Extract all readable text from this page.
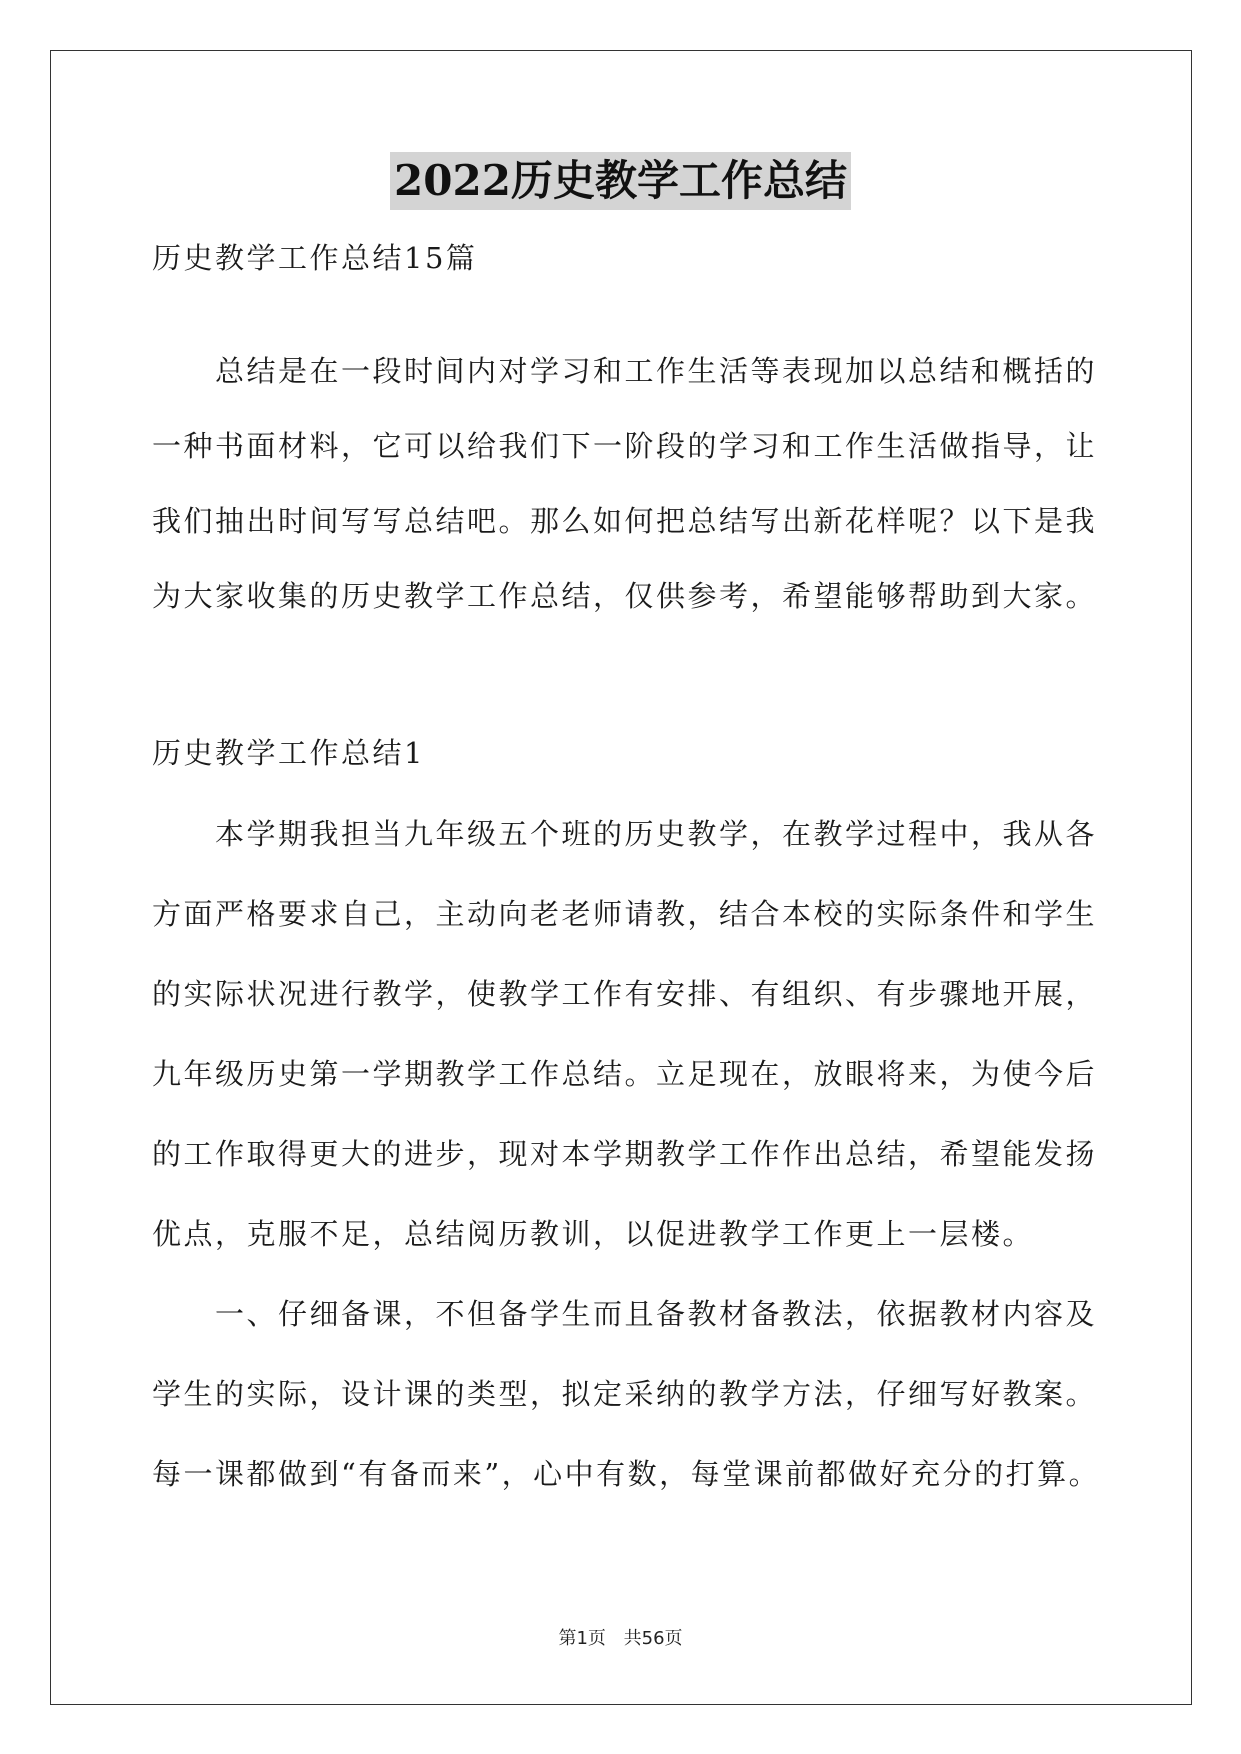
2022历史教学工作总结
历史教学工作总结15篇
　　总结是在一段时间内对学习和工作生活等表现加以总结和概括的
一种书面材料，它可以给我们下一阶段的学习和工作生活做指导，让
我们抽出时间写写总结吧。那么如何把总结写出新花样呢？以下是我
为大家收集的历史教学工作总结，仅供参考，希望能够帮助到大家。
历史教学工作总结1
　　本学期我担当九年级五个班的历史教学，在教学过程中，我从各
方面严格要求自己，主动向老老师请教，结合本校的实际条件和学生
的实际状况进行教学，使教学工作有安排、有组织、有步骤地开展，
九年级历史第一学期教学工作总结。立足现在，放眼将来，为使今后
的工作取得更大的进步，现对本学期教学工作作出总结，希望能发扬
优点，克服不足，总结阅历教训，以促进教学工作更上一层楼。
　　一、仔细备课，不但备学生而且备教材备教法，依据教材内容及
学生的实际，设计课的类型，拟定采纳的教学方法，仔细写好教案。
每一课都做到“有备而来”，心中有数，每堂课前都做好充分的打算。
第1页 共56页
